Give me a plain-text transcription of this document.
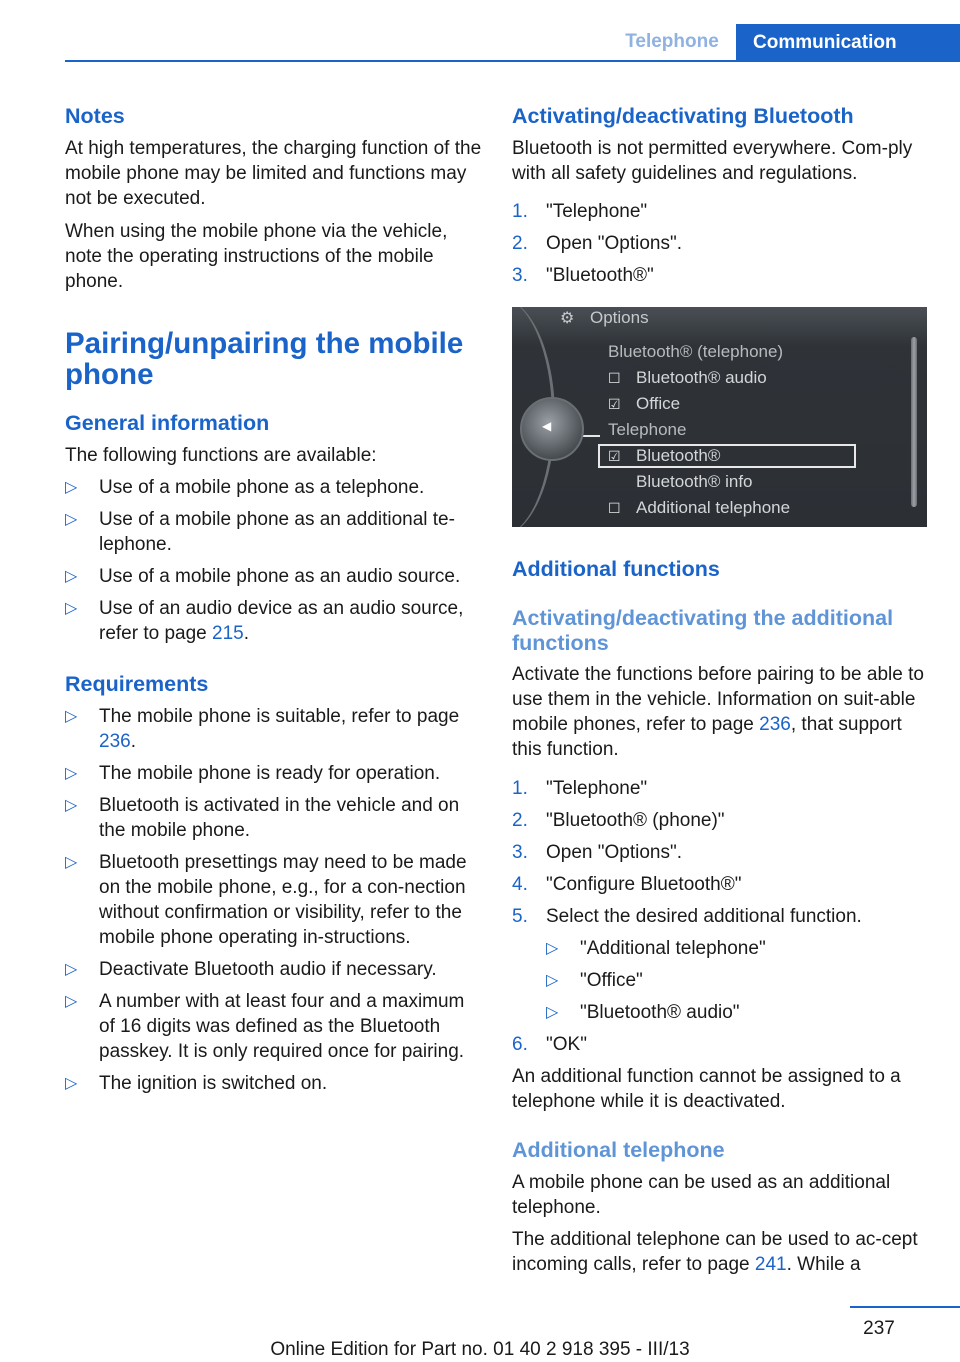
Telephone	Communication
Notes

At high temperatures, the charging function of the mobile phone may be limited and functions may not be executed.

When using the mobile phone via the vehicle, note the operating instructions of the mobile phone.

Pairing/unpairing the mobile phone
General information

The following functions are available:

▷ Use of a mobile phone as a telephone.
▷ Use of a mobile phone as an additional te‐lephone.
▷ Use of a mobile phone as an audio source.
▷ Use of an audio device as an audio source, refer to page 215.
Requirements
▷ The mobile phone is suitable, refer to page 236.
▷ The mobile phone is ready for operation.
▷ Bluetooth is activated in the vehicle and on the mobile phone.
▷ Bluetooth presettings may need to be made on the mobile phone, e.g., for a con‐nection without confirmation or visibility, refer to the mobile phone operating in‐structions.
▷ Deactivate Bluetooth audio if necessary.
▷ A number with at least four and a maximum of 16 digits was defined as the Bluetooth passkey. It is only required once for pairing.
▷ The ignition is switched on.
Activating/deactivating Bluetooth

Bluetooth is not permitted everywhere. Com‐ply with all safety guidelines and regulations.

1. "Telephone"
2. Open "Options".
3. "Bluetooth®"
⚙ Options
Bluetooth® (telephone)
☐ Bluetooth® audio
☑ Office
Telephone
☑ Bluetooth®
Bluetooth® info
☐ Additional telephone
◀
Additional functions
Activating/deactivating the additional functions

Activate the functions before pairing to be able to use them in the vehicle. Information on suit‐able mobile phones, refer to page 236, that support this function.

1. "Telephone"
2. "Bluetooth® (phone)"
3. Open "Options".
4. "Configure Bluetooth®"
5. Select the desired additional function.
▷ "Additional telephone"
▷ "Office"
▷ "Bluetooth® audio"
6. "OK"

An additional function cannot be assigned to a telephone while it is deactivated.

Additional telephone

A mobile phone can be used as an additional telephone.

The additional telephone can be used to ac‐cept incoming calls, refer to page 241. While a

237
Online Edition for Part no. 01 40 2 918 395 - III/13
